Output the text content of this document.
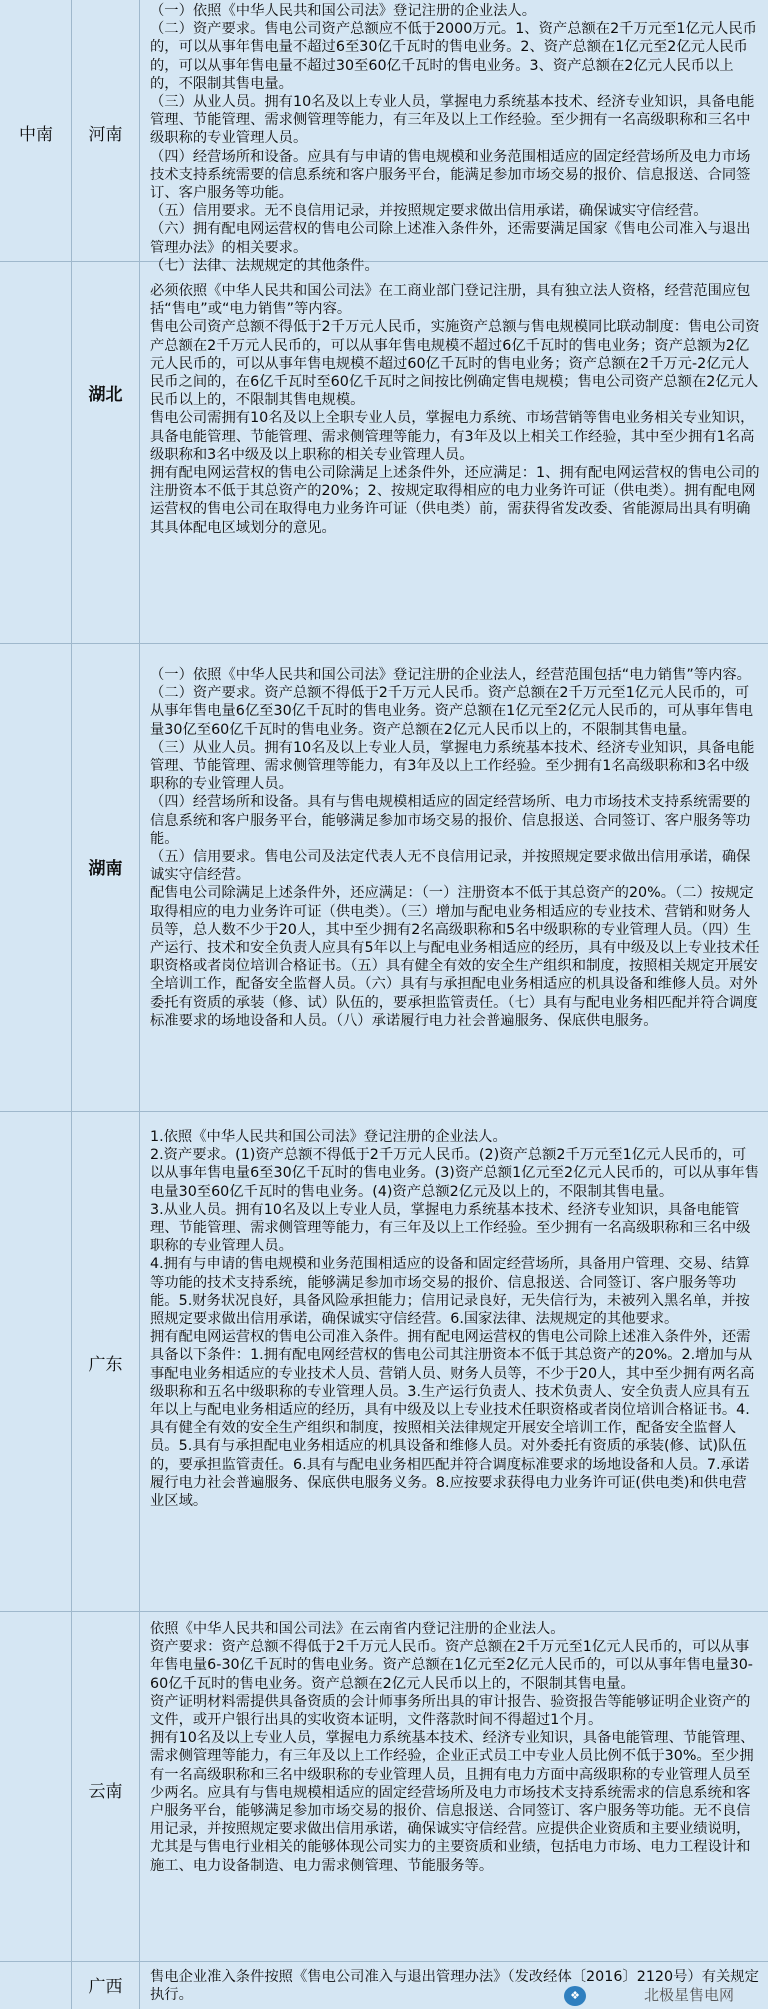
中南	河南

（一）依照《中华人民共和国公司法》登记注册的企业法人。

（二）资产要求。售电公司资产总额应不低于2000万元。1、资产总额在2千万元至1亿元人民币的，可以从事年售电量不超过6至30亿千瓦时的售电业务。2、资产总额在1亿元至2亿元人民币的，可以从事年售电量不超过30至60亿千瓦时的售电业务。3、资产总额在2亿元人民币以上的，不限制其售电量。

（三）从业人员。拥有10名及以上专业人员，掌握电力系统基本技术、经济专业知识，具备电能管理、节能管理、需求侧管理等能力，有三年及以上工作经验。至少拥有一名高级职称和三名中级职称的专业管理人员。

（四）经营场所和设备。应具有与申请的售电规模和业务范围相适应的固定经营场所及电力市场技术支持系统需要的信息系统和客户服务平台，能满足参加市场交易的报价、信息报送、合同签订、客户服务等功能。

（五）信用要求。无不良信用记录，并按照规定要求做出信用承诺，确保诚实守信经营。

（六）拥有配电网运营权的售电公司除上述准入条件外，还需要满足国家《售电公司准入与退出管理办法》的相关要求。

（七）法律、法规规定的其他条件。

湖北

必须依照《中华人民共和国公司法》在工商业部门登记注册，具有独立法人资格，经营范围应包括“售电”或“电力销售”等内容。

售电公司资产总额不得低于2千万元人民币，实施资产总额与售电规模同比联动制度：售电公司资产总额在2千万元人民币的，可以从事年售电规模不超过6亿千瓦时的售电业务；资产总额为2亿元人民币的，可以从事年售电规模不超过60亿千瓦时的售电业务；资产总额在2千万元-2亿元人民币之间的，在6亿千瓦时至60亿千瓦时之间按比例确定售电规模；售电公司资产总额在2亿元人民币以上的，不限制其售电规模。

售电公司需拥有10名及以上全职专业人员，掌握电力系统、市场营销等售电业务相关专业知识，具备电能管理、节能管理、需求侧管理等能力，有3年及以上相关工作经验，其中至少拥有1名高级职称和3名中级及以上职称的相关专业管理人员。

拥有配电网运营权的售电公司除满足上述条件外，还应满足：1、拥有配电网运营权的售电公司的注册资本不低于其总资产的20%；2、按规定取得相应的电力业务许可证（供电类）。拥有配电网运营权的售电公司在取得电力业务许可证（供电类）前，需获得省发改委、省能源局出具有明确其具体配电区域划分的意见。

湖南

（一）依照《中华人民共和国公司法》登记注册的企业法人，经营范围包括“电力销售”等内容。

（二）资产要求。资产总额不得低于2千万元人民币。资产总额在2千万元至1亿元人民币的，可从事年售电量6亿至30亿千瓦时的售电业务。资产总额在1亿元至2亿元人民币的，可从事年售电量30亿至60亿千瓦时的售电业务。资产总额在2亿元人民币以上的，不限制其售电量。

（三）从业人员。拥有10名及以上专业人员，掌握电力系统基本技术、经济专业知识，具备电能管理、节能管理、需求侧管理等能力，有3年及以上工作经验。至少拥有1名高级职称和3名中级职称的专业管理人员。

（四）经营场所和设备。具有与售电规模相适应的固定经营场所、电力市场技术支持系统需要的信息系统和客户服务平台，能够满足参加市场交易的报价、信息报送、合同签订、客户服务等功能。

（五）信用要求。售电公司及法定代表人无不良信用记录，并按照规定要求做出信用承诺，确保诚实守信经营。

配售电公司除满足上述条件外，还应满足：（一）注册资本不低于其总资产的20%。（二）按规定取得相应的电力业务许可证（供电类）。（三）增加与配电业务相适应的专业技术、营销和财务人员等，总人数不少于20人，其中至少拥有2名高级职称和5名中级职称的专业管理人员。（四）生产运行、技术和安全负责人应具有5年以上与配电业务相适应的经历，具有中级及以上专业技术任职资格或者岗位培训合格证书。（五）具有健全有效的安全生产组织和制度，按照相关规定开展安全培训工作，配备安全监督人员。（六）具有与承担配电业务相适应的机具设备和维修人员。对外委托有资质的承装（修、试）队伍的，要承担监管责任。（七）具有与配电业务相匹配并符合调度标准要求的场地设备和人员。（八）承诺履行电力社会普遍服务、保底供电服务。

广东

1.依照《中华人民共和国公司法》登记注册的企业法人。

2.资产要求。(1)资产总额不得低于2千万元人民币。(2)资产总额2千万元至1亿元人民币的，可以从事年售电量6至30亿千瓦时的售电业务。(3)资产总额1亿元至2亿元人民币的，可以从事年售电量30至60亿千瓦时的售电业务。(4)资产总额2亿元及以上的，不限制其售电量。

3.从业人员。拥有10名及以上专业人员，掌握电力系统基本技术、经济专业知识，具备电能管理、节能管理、需求侧管理等能力，有三年及以上工作经验。至少拥有一名高级职称和三名中级职称的专业管理人员。

4.拥有与申请的售电规模和业务范围相适应的设备和固定经营场所，具备用户管理、交易、结算等功能的技术支持系统，能够满足参加市场交易的报价、信息报送、合同签订、客户服务等功能。5.财务状况良好，具备风险承担能力；信用记录良好，无失信行为，未被列入黑名单，并按照规定要求做出信用承诺，确保诚实守信经营。6.国家法律、法规规定的其他要求。

拥有配电网运营权的售电公司准入条件。拥有配电网运营权的售电公司除上述准入条件外，还需具备以下条件：1.拥有配电网经营权的售电公司其注册资本不低于其总资产的20%。2.增加与从事配电业务相适应的专业技术人员、营销人员、财务人员等，不少于20人，其中至少拥有两名高级职称和五名中级职称的专业管理人员。3.生产运行负责人、技术负责人、安全负责人应具有五年以上与配电业务相适应的经历，具有中级及以上专业技术任职资格或者岗位培训合格证书。4.具有健全有效的安全生产组织和制度，按照相关法律规定开展安全培训工作，配备安全监督人员。5.具有与承担配电业务相适应的机具设备和维修人员。对外委托有资质的承装(修、试)队伍的，要承担监管责任。6.具有与配电业务相匹配并符合调度标准要求的场地设备和人员。7.承诺履行电力社会普遍服务、保底供电服务义务。8.应按要求获得电力业务许可证(供电类)和供电营业区域。

云南

依照《中华人民共和国公司法》在云南省内登记注册的企业法人。

资产要求：资产总额不得低于2千万元人民币。资产总额在2千万元至1亿元人民币的，可以从事年售电量6-30亿千瓦时的售电业务。资产总额在1亿元至2亿元人民币的，可以从事年售电量30-60亿千瓦时的售电业务。资产总额在2亿元人民币以上的，不限制其售电量。

资产证明材料需提供具备资质的会计师事务所出具的审计报告、验资报告等能够证明企业资产的文件，或开户银行出具的实收资本证明，文件落款时间不得超过1个月。

拥有10名及以上专业人员，掌握电力系统基本技术、经济专业知识，具备电能管理、节能管理、需求侧管理等能力，有三年及以上工作经验，企业正式员工中专业人员比例不低于30%。至少拥有一名高级职称和三名中级职称的专业管理人员，且拥有电力方面中高级职称的专业管理人员至少两名。应具有与售电规模相适应的固定经营场所及电力市场技术支持系统需求的信息系统和客户服务平台，能够满足参加市场交易的报价、信息报送、合同签订、客户服务等功能。无不良信用记录，并按照规定要求做出信用承诺，确保诚实守信经营。应提供企业资质和主要业绩说明，尤其是与售电行业相关的能够体现公司实力的主要资质和业绩，包括电力市场、电力工程设计和施工、电力设备制造、电力需求侧管理、节能服务等。

广西	售电企业准入条件按照《售电公司准入与退出管理办法》（发改经体〔2016〕2120号）有关规定执行。	❖	北极星售电网
